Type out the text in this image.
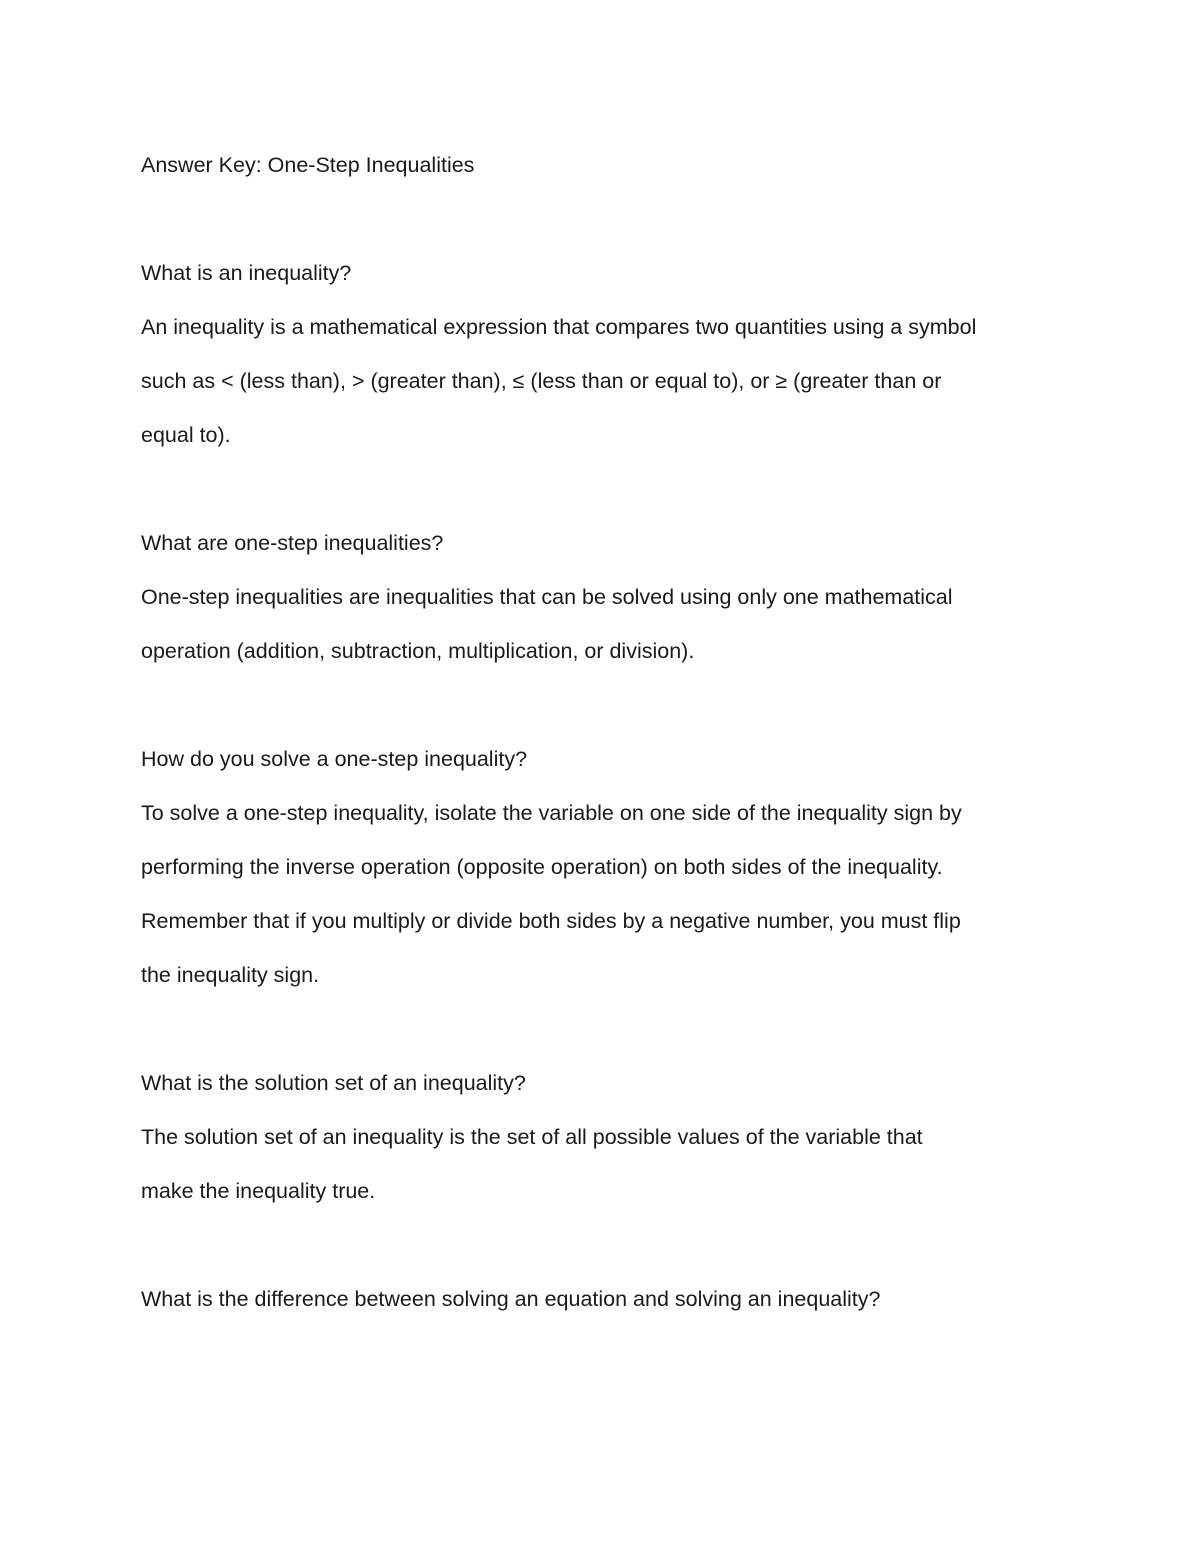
Answer Key: One-Step Inequalities
What is an inequality?
An inequality is a mathematical expression that compares two quantities using a symbol
such as < (less than), > (greater than), ≤ (less than or equal to), or ≥ (greater than or
equal to).
What are one-step inequalities?
One-step inequalities are inequalities that can be solved using only one mathematical
operation (addition, subtraction, multiplication, or division).
How do you solve a one-step inequality?
To solve a one-step inequality, isolate the variable on one side of the inequality sign by
performing the inverse operation (opposite operation) on both sides of the inequality.
Remember that if you multiply or divide both sides by a negative number, you must flip
the inequality sign.
What is the solution set of an inequality?
The solution set of an inequality is the set of all possible values of the variable that
make the inequality true.
What is the difference between solving an equation and solving an inequality?
